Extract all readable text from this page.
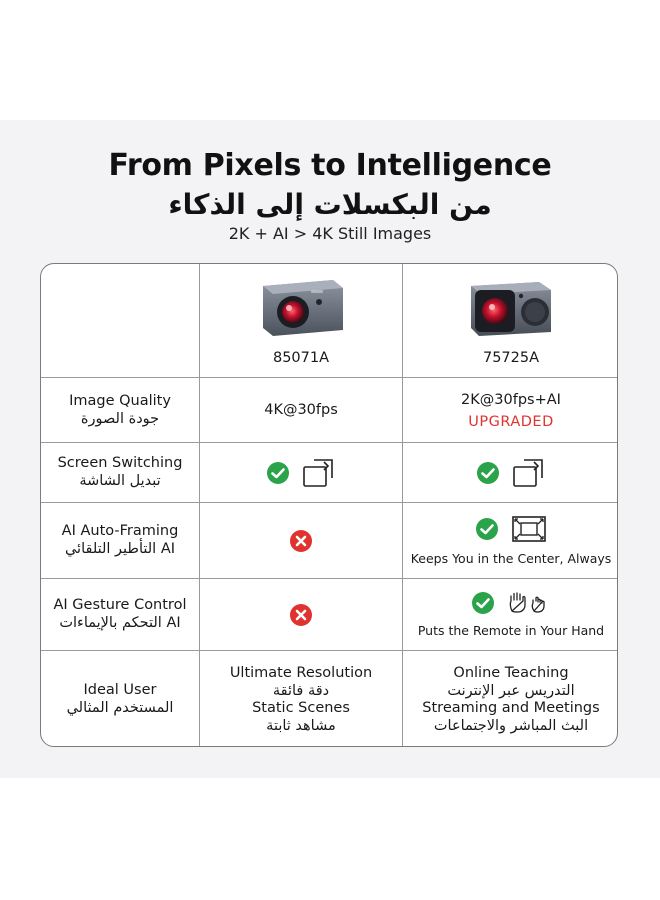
From Pixels to Intelligence
من البكسلات إلى الذكاء
2K + AI > 4K Still Images
85071A	75725A
Image Quality
جودة الصورة
4K@30fps
2K@30fps+AI
UPGRADED
Screen Switching
تبديل الشاشة
AI Auto-Framing
AI التأطير التلقائي
Keeps You in the Center, Always
AI Gesture Control
AI التحكم بالإيماءات	Puts the Remote in Your Hand
Ideal User
المستخدم المثالي
Ultimate Resolution
دقة فائقة
Static Scenes
مشاهد ثابتة
Online Teaching
التدريس عبر الإنترنت
Streaming and Meetings
البث المباشر والاجتماعات
